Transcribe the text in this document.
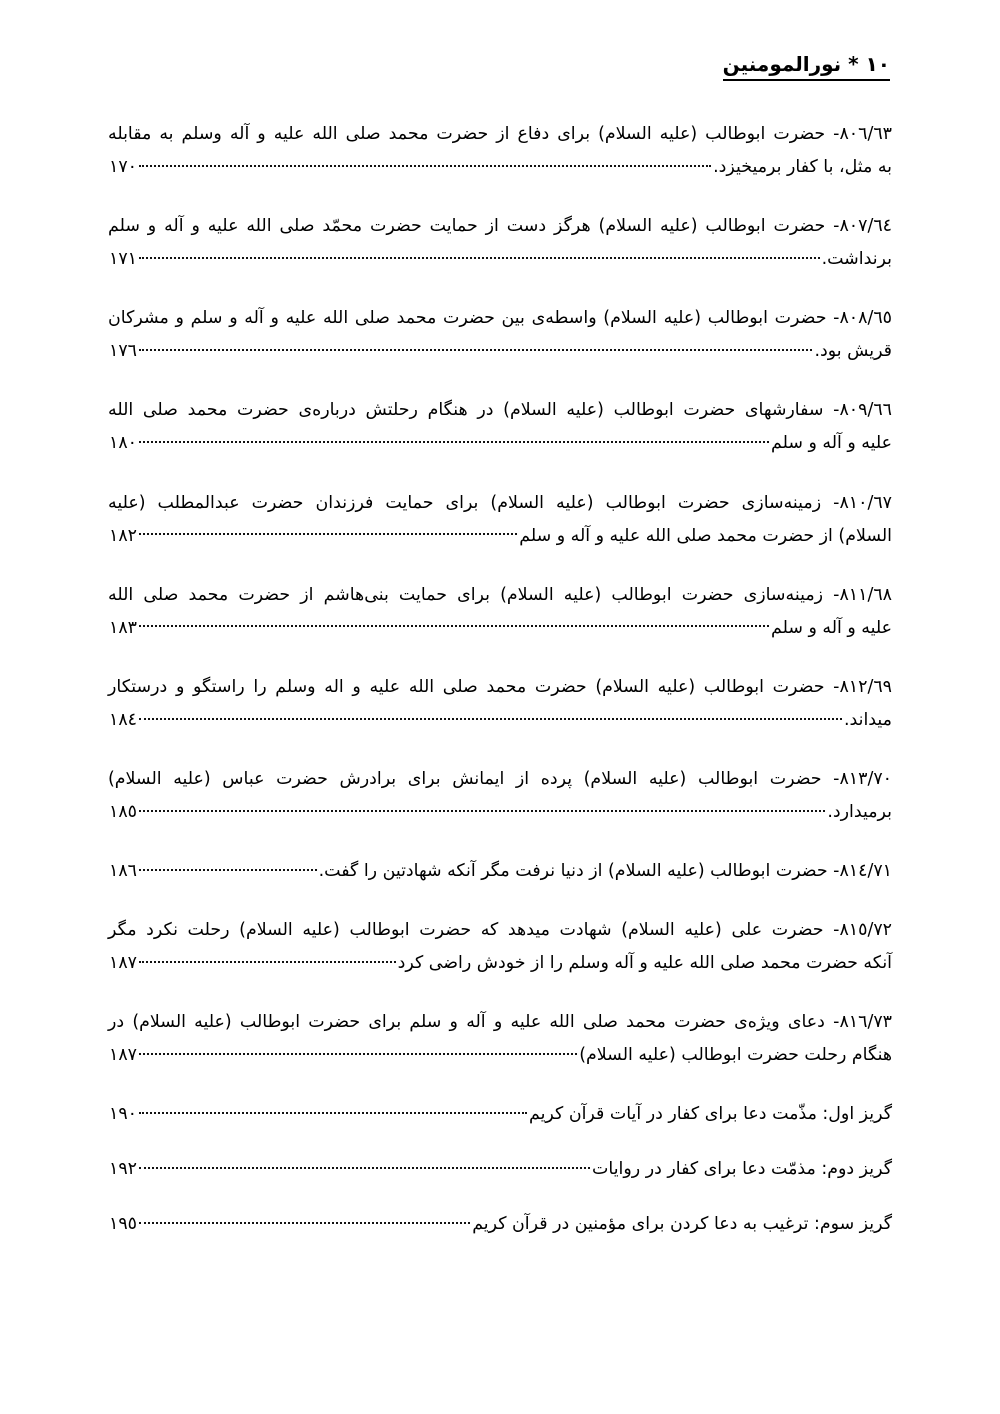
١٠ * نورالمومنين

٨٠٦/٦٣- حضرت ابوطالب (علیه السلام) برای دفاع از حضرت محمد صلی الله علیه و آله وسلم به مقابله

به مثل، با کفار برمیخیزد.
١٧٠

٨٠٧/٦٤- حضرت ابوطالب (علیه السلام) هرگز دست از حمایت حضرت محمّد صلی الله علیه و آله و سلم

برنداشت.
١٧١

٨٠٨/٦٥- حضرت ابوطالب (علیه السلام) واسطه‌ی بین حضرت محمد صلی الله علیه و آله و سلم و مشرکان

قریش بود.
١٧٦

٨٠٩/٦٦- سفارشهای حضرت ابوطالب (علیه السلام) در هنگام رحلتش درباره‌ی حضرت محمد صلی الله

علیه و آله و سلم
١٨٠

٨١٠/٦٧- زمینه‌سازی حضرت ابوطالب (علیه السلام) برای حمایت فرزندان حضرت عبدالمطلب (علیه

السلام) از حضرت محمد صلی الله علیه و آله و سلم
١٨٢

٨١١/٦٨- زمینه‌سازی حضرت ابوطالب (علیه السلام) برای حمایت بنی‌هاشم از حضرت محمد صلی الله

علیه و آله و سلم
١٨٣

٨١٢/٦٩- حضرت ابوطالب (علیه السلام) حضرت محمد صلی الله علیه و اله وسلم را راستگو و درستکار

میداند.
١٨٤

٨١٣/٧٠- حضرت ابوطالب (علیه السلام) پرده از ایمانش برای برادرش حضرت عباس (علیه السلام)

برمیدارد.
١٨٥
٨١٤/٧١- حضرت ابوطالب (علیه السلام) از دنیا نرفت مگر آنکه شهادتین را گفت.
١٨٦

٨١٥/٧٢- حضرت علی (علیه السلام) شهادت میدهد که حضرت ابوطالب (علیه السلام) رحلت نکرد مگر

آنکه حضرت محمد صلی الله علیه و آله وسلم را از خودش راضی کرد
١٨٧

٨١٦/٧٣- دعای ویژه‌ی حضرت محمد صلی الله علیه و آله و سلم برای حضرت ابوطالب (علیه السلام) در

هنگام رحلت حضرت ابوطالب (علیه السلام)
١٨٧
گریز اول: مذّمت دعا برای کفار در آیات قرآن کریم
١٩٠
گریز دوم: مذمّت دعا برای کفار در روایات
١٩٢
گریز سوم: ترغیب به دعا کردن برای مؤمنین در قرآن کریم
١٩٥
